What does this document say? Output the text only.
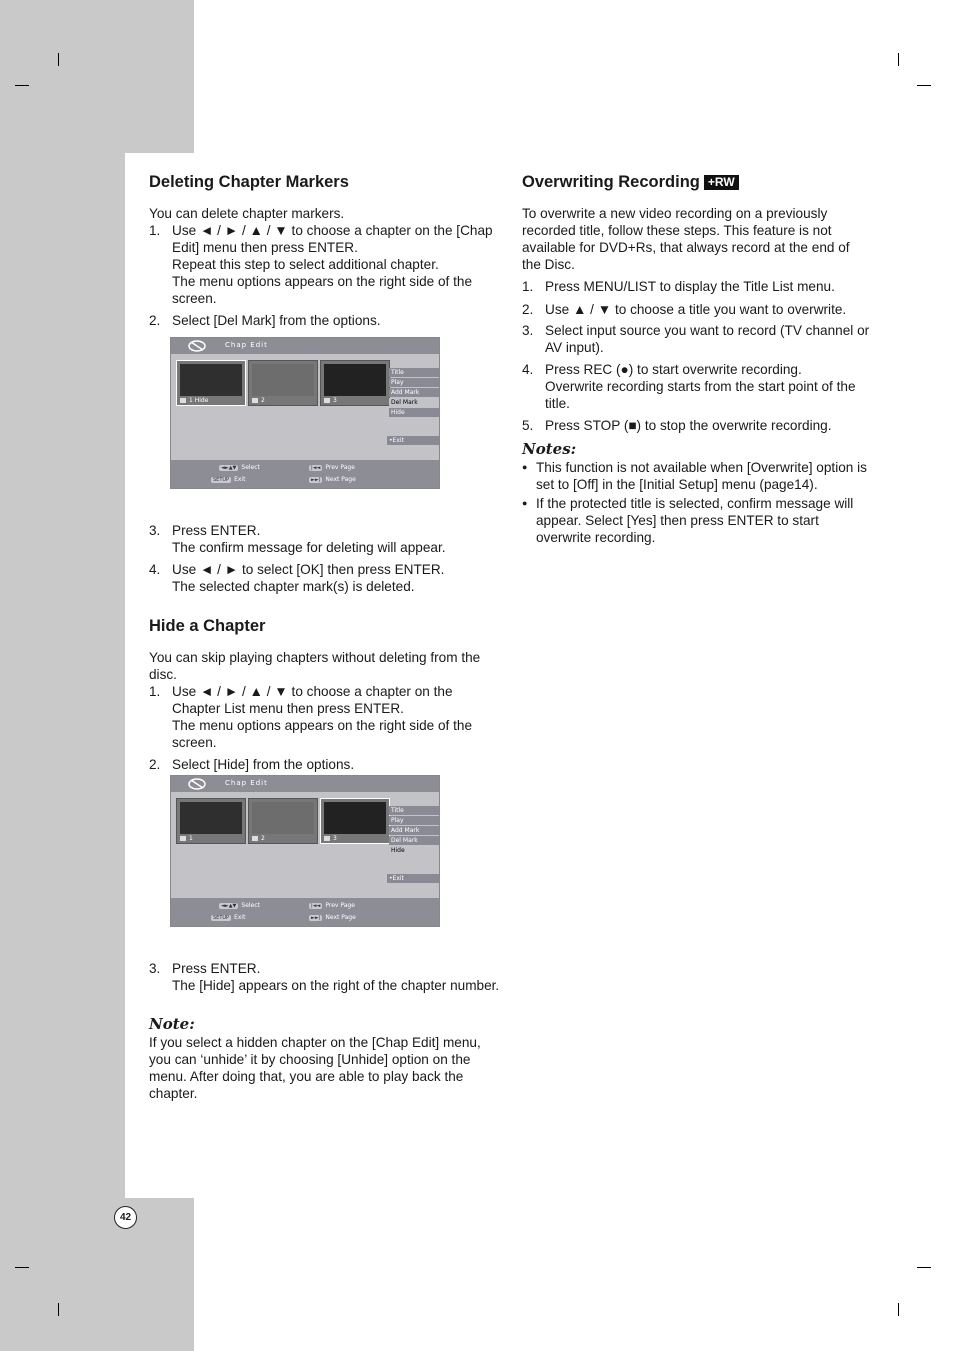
Deleting Chapter Markers

You can delete chapter markers.

1. Use ◄ / ► / ▲ / ▼ to choose a chapter on the [Chap Edit] menu then press ENTER.
Repeat this step to select additional chapter.
The menu options appears on the right side of the screen.
2. Select [Del Mark] from the options.
3. Press ENTER.
The confirm message for deleting will appear.
4. Use ◄ / ► to select [OK] then press ENTER.
The selected chapter mark(s) is deleted.
Hide a Chapter

You can skip playing chapters without deleting from the disc.

1. Use ◄ / ► / ▲ / ▼ to choose a chapter on the Chapter List menu then press ENTER.
The menu options appears on the right side of the screen.
2. Select [Hide] from the options.
3. Press ENTER.
The [Hide] appears on the right of the chapter number.

Note:

If you select a hidden chapter on the [Chap Edit] menu, you can ‘unhide’ it by choosing [Unhide] option on the menu. After doing that, you are able to play back the chapter.

Chap Edit
1 Hide	2	3
Title
Play
Add Mark
Del Mark
Hide
•Exit
◄►▲▼ Select
SETUP Exit
|◄◄ Prev Page
►►| Next Page
Chap Edit
1	2	3
Title
Play
Add Mark
Del Mark
Hide
•Exit
◄►▲▼ Select
SETUP Exit
|◄◄ Prev Page
►►| Next Page
Overwriting Recording +RW

To overwrite a new video recording on a previously recorded title, follow these steps. This feature is not available for DVD+Rs, that always record at the end of the Disc.

1. Press MENU/LIST to display the Title List menu.
2. Use ▲ / ▼ to choose a title you want to overwrite.
3. Select input source you want to record (TV channel or AV input).
4. Press REC (●) to start overwrite recording.
Overwrite recording starts from the start point of the title.
5. Press STOP (■) to stop the overwrite recording.

Notes:

● This function is not available when [Overwrite] option is set to [Off] in the [Initial Setup] menu (page14).
● If the protected title is selected, confirm message will appear. Select [Yes] then press ENTER to start overwrite recording.
42
